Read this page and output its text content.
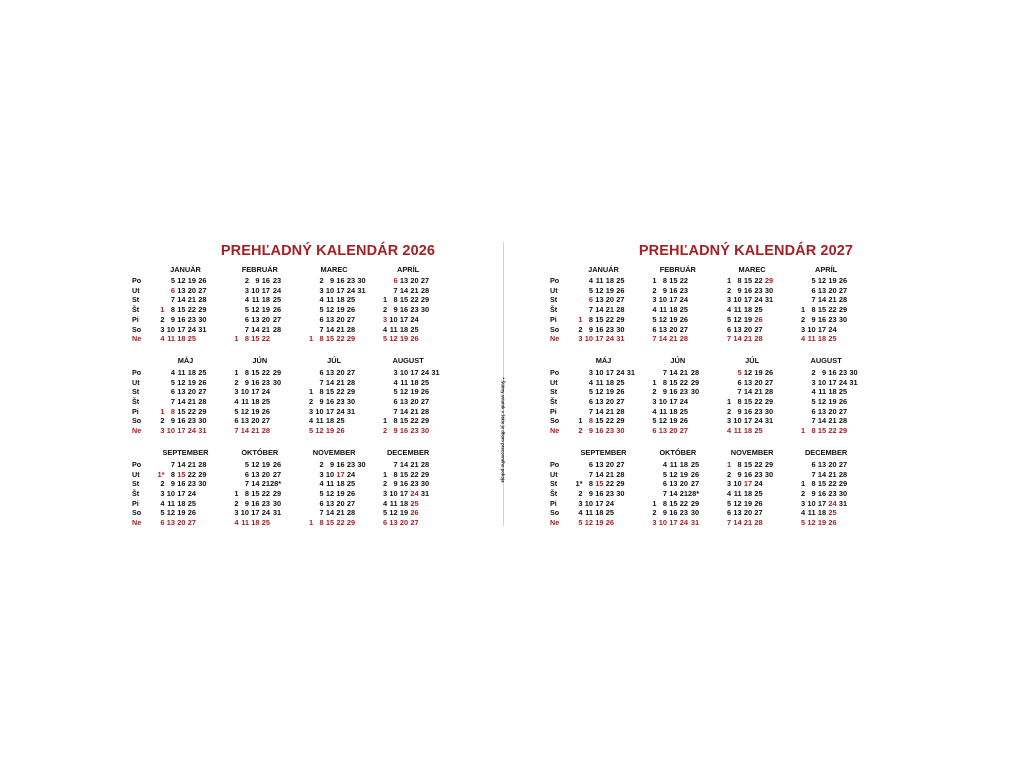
PREHĽADNÝ KALENDÁR 2026
	JANUÁR							FEBRUÁR							MAREC							APRÍL					
Po		5	12	19	26				2	9	16	23				2	9	16	23	30			6	13	20	27	
Ut		6	13	20	27				3	10	17	24				3	10	17	24	31			7	14	21	28	
St		7	14	21	28				4	11	18	25				4	11	18	25			1	8	15	22	29	
Št	1	8	15	22	29				5	12	19	26				5	12	19	26			2	9	16	23	30	
Pi	2	9	16	23	30				6	13	20	27				6	13	20	27			3	10	17	24		
So	3	10	17	24	31				7	14	21	28				7	14	21	28			4	11	18	25		
Ne	4	11	18	25				1	8	15	22				1	8	15	22	29			5	12	19	26		

	MÁJ							JÚN							JÚL							AUGUST					
Po		4	11	18	25			1	8	15	22	29				6	13	20	27				3	10	17	24	31
Ut		5	12	19	26			2	9	16	23	30				7	14	21	28				4	11	18	25	
St		6	13	20	27			3	10	17	24				1	8	15	22	29				5	12	19	26	
Št		7	14	21	28			4	11	18	25				2	9	16	23	30				6	13	20	27	
Pi	1	8	15	22	29			5	12	19	26				3	10	17	24	31				7	14	21	28	
So	2	9	16	23	30			6	13	20	27				4	11	18	25				1	8	15	22	29	
Ne	3	10	17	24	31			7	14	21	28				5	12	19	26				2	9	16	23	30	

	SEPTEMBER							OKTÓBER							NOVEMBER							DECEMBER					
Po		7	14	21	28				5	12	19	26				2	9	16	23	30			7	14	21	28	
Ut	1*	8	15	22	29				6	13	20	27				3	10	17	24			1	8	15	22	29	
St	2	9	16	23	30				7	14	21	28*				4	11	18	25			2	9	16	23	30	
Št	3	10	17	24				1	8	15	22	29				5	12	19	26			3	10	17	24	31	
Pi	4	11	18	25				2	9	16	23	30				6	13	20	27			4	11	18	25		
So	5	12	19	26				3	10	17	24	31				7	14	21	28			5	12	19	26		
Ne	6	13	20	27				4	11	18	25				1	8	15	22	29			6	13	20	27		
* Štátny sviatok v štáte je dňom pracovného pokoja
PREHĽADNÝ KALENDÁR 2027
	JANUÁR							FEBRUÁR							MAREC							APRÍL					
Po		4	11	18	25			1	8	15	22				1	8	15	22	29				5	12	19	26	
Ut		5	12	19	26			2	9	16	23				2	9	16	23	30				6	13	20	27	
St		6	13	20	27			3	10	17	24				3	10	17	24	31				7	14	21	28	
Št		7	14	21	28			4	11	18	25				4	11	18	25				1	8	15	22	29	
Pi	1	8	15	22	29			5	12	19	26				5	12	19	26				2	9	16	23	30	
So	2	9	16	23	30			6	13	20	27				6	13	20	27				3	10	17	24		
Ne	3	10	17	24	31			7	14	21	28				7	14	21	28				4	11	18	25		

	MÁJ							JÚN							JÚL							AUGUST					
Po		3	10	17	24	31			7	14	21	28				5	12	19	26				2	9	16	23	30
Ut		4	11	18	25			1	8	15	22	29				6	13	20	27				3	10	17	24	31
St		5	12	19	26			2	9	16	23	30				7	14	21	28				4	11	18	25	
Št		6	13	20	27			3	10	17	24				1	8	15	22	29				5	12	19	26	
Pi		7	14	21	28			4	11	18	25				2	9	16	23	30				6	13	20	27	
So	1	8	15	22	29			5	12	19	26				3	10	17	24	31				7	14	21	28	
Ne	2	9	16	23	30			6	13	20	27				4	11	18	25				1	8	15	22	29	

	SEPTEMBER							OKTÓBER							NOVEMBER							DECEMBER					
Po		6	13	20	27				4	11	18	25			1	8	15	22	29				6	13	20	27	
Ut		7	14	21	28				5	12	19	26			2	9	16	23	30				7	14	21	28	
St	1*	8	15	22	29				6	13	20	27			3	10	17	24				1	8	15	22	29	
Št	2	9	16	23	30				7	14	21	28*			4	11	18	25				2	9	16	23	30	
Pi	3	10	17	24				1	8	15	22	29			5	12	19	26				3	10	17	24	31	
So	4	11	18	25				2	9	16	23	30			6	13	20	27				4	11	18	25		
Ne	5	12	19	26				3	10	17	24	31			7	14	21	28				5	12	19	26		
